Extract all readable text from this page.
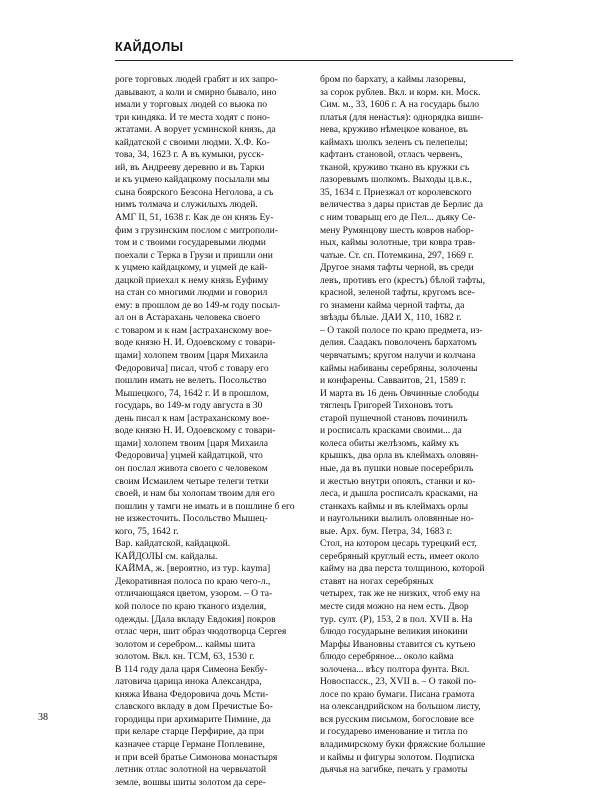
КАЙДОЛЫ
роге торговых людей грабят и их запро-
давывают, а коли и смирно бывало, ино
имали у торговых людей со вьюка по
три киндяка. И те места ходят с поно-
жтатами. А ворует усминской князь, да
кайдатской с своими людми. Х.Ф. Ко-
това, 34, 1623 г. А въ кумыки, русск-
ий, въ Андрееву деревню и въ Тарки
и къ уцмею кайдацкому посылали мы
сына боярского Безсона Неголова, а съ
нимъ толмача и служилыхъ людей.
АМГ II, 51, 1638 г. Как де он князь Еу-
фим з грузинским послом с митрополи-
том и с твоими государевыми людми
поехали с Терка в Грузи и пришли они
к уцмею кайдацкому, и уцмей де кай-
дацкой приехал к нему князь Еуфиму
на стан со многими людми и говорил
ему: в прошлом де во 149-м году посыл-
ал он в Астарахань человека своего
с товаром и к нам [астраханскому вое-
воде князю Н. И. Одоевскому с товари-
щами] холопем твоим [царя Михаила
Федоровича] писал, чтоб с товару его
пошлин имать не велеть. Посольство
Мышецкого, 74, 1642 г. И в прошлом,
государь, во 149-м году августа в 30
день писал к нам [астраханскому вое-
воде князю Н. И. Одоевскому с товари-
щами] холопем твоим [царя Михаила
Федоровича] уцмей кайдатцкой, что
он послал живота своего с человеком
своим Исмаилем четыре телеги тетки
своей, и нам бы холопам твоим для его
пошлин у тамги не имать и в пошлине б его
не изжесточить. Посольство Мышец-
кого, 75, 1642 г.
Вар. кайдатской, кайдацкой.
КАЙДОЛЫ см. кайдалы.
КАЙМА, ж. [вероятно, из тур. kayma]
Декоративная полоса по краю чего-л.,
отличающаяся цветом, узором. – О та-
кой полосе по краю тканого изделия,
одежды. [Дала вкладу Евдокия] покров
отлас черн, шит образ чюдотворца Сергея
золотом и серебром... каймы шита
золотом. Вкл. кн. ТСМ, 63, 1530 г.
В 114 году дала царя Симеона Бекбу-
латовича царица инока Александра,
княжа Ивана Федоровича дочь Мсти-
славского вкладу в дом Пречистые Бо-
городицы при архимарите Пимине, да
при келаре старце Перфирие, да при
казначее старце Германе Поплевине,
и при всей братье Симонова монастыря
летник отлас золотной на червьчатой
земле, вошвы шиты золотом да сере-
бром по бархату, а каймы лазоревы,
за сорок рублев. Вкл. и корм. кн. Моск.
Сим. м., 33, 1606 г. А на государь было
платья (для ненастья): однорядка вишн-
нева, круживо нѣмецкое кованое, въ
каймахъ шолкъ зеленъ съ пелепелы;
кафтанъ становой, отласъ червенъ,
тканой, круживо ткано въ кружки съ
лазоревымъ шолкомъ. Выходы ц.в.к.,
35, 1634 г. Приезжал от королевского
величества з дары пристав де Берлис да
с ним товарыщ его де Пел... дьяку Се-
мену Румянцову шесть ковров набор-
ных, каймы золотные, три ковра трав-
чатые. Ст. сп. Потемкина, 297, 1669 г.
Другое знамя тафты черной, въ среди
левъ, противъ его (крестъ) бѣлой тафты,
красной, зеленой тафты, кругомъ все-
го знамени кайма черной тафты, да
звѣзды бѣлые. ДАИ X, 110, 1682 г.
– О такой полосе по краю предмета, из-
делия. Саадакъ поволоченъ бархатомъ
червчатымъ; кругом налучи и колчана
каймы набиваны серебряны, золочены
и конфарены. Савваитов, 21, 1589 г.
И марта въ 16 день Овчинные слободы
тяглецъ Григорей Тихоновъ тотъ
старой пушечной становъ починилъ
и росписалъ красками своими... да
колеса обиты желѣзомъ, кайму къ
крышкъ, два орла въ клеймахъ оловян-
ные, да въ пушки новые посеребрилъ
и жестью внутри опоялъ, станки и ко-
леса, и дышла росписалъ красками, на
станкахъ каймы и въ клеймахъ орлы
и наугольники вылилъ оловянные но-
вые. Арх. бум. Петра, 34, 1683 г.
Стол, на котором цесарь турецкий ест,
серебряный круглый есть, имеет около
кайму на два перста толщиною, которой
ставят на ногах серебряных
четырех, так же не низких, чтоб ему на
месте сидя можно на нем есть. Двор
тур. султ. (Р), 153, 2 в пол. XVII в. На
блюдо государыне великия инокини
Марфы Ивановны ставится съ кутьею
блюдо серебряное... около кайма
золочена... вѣсу полтора фунта. Вкл.
Новоспасск., 23, XVII в. – О такой по-
лосе по краю бумаги. Писана грамота
на олександрийском на большом листу,
вся русским письмом, богословие все
и государево именование и титла по
владимирскому буки фряжские большие
и каймы и фигуры золотом. Подписка
дьячья на загибке, печать у грамоты
38
